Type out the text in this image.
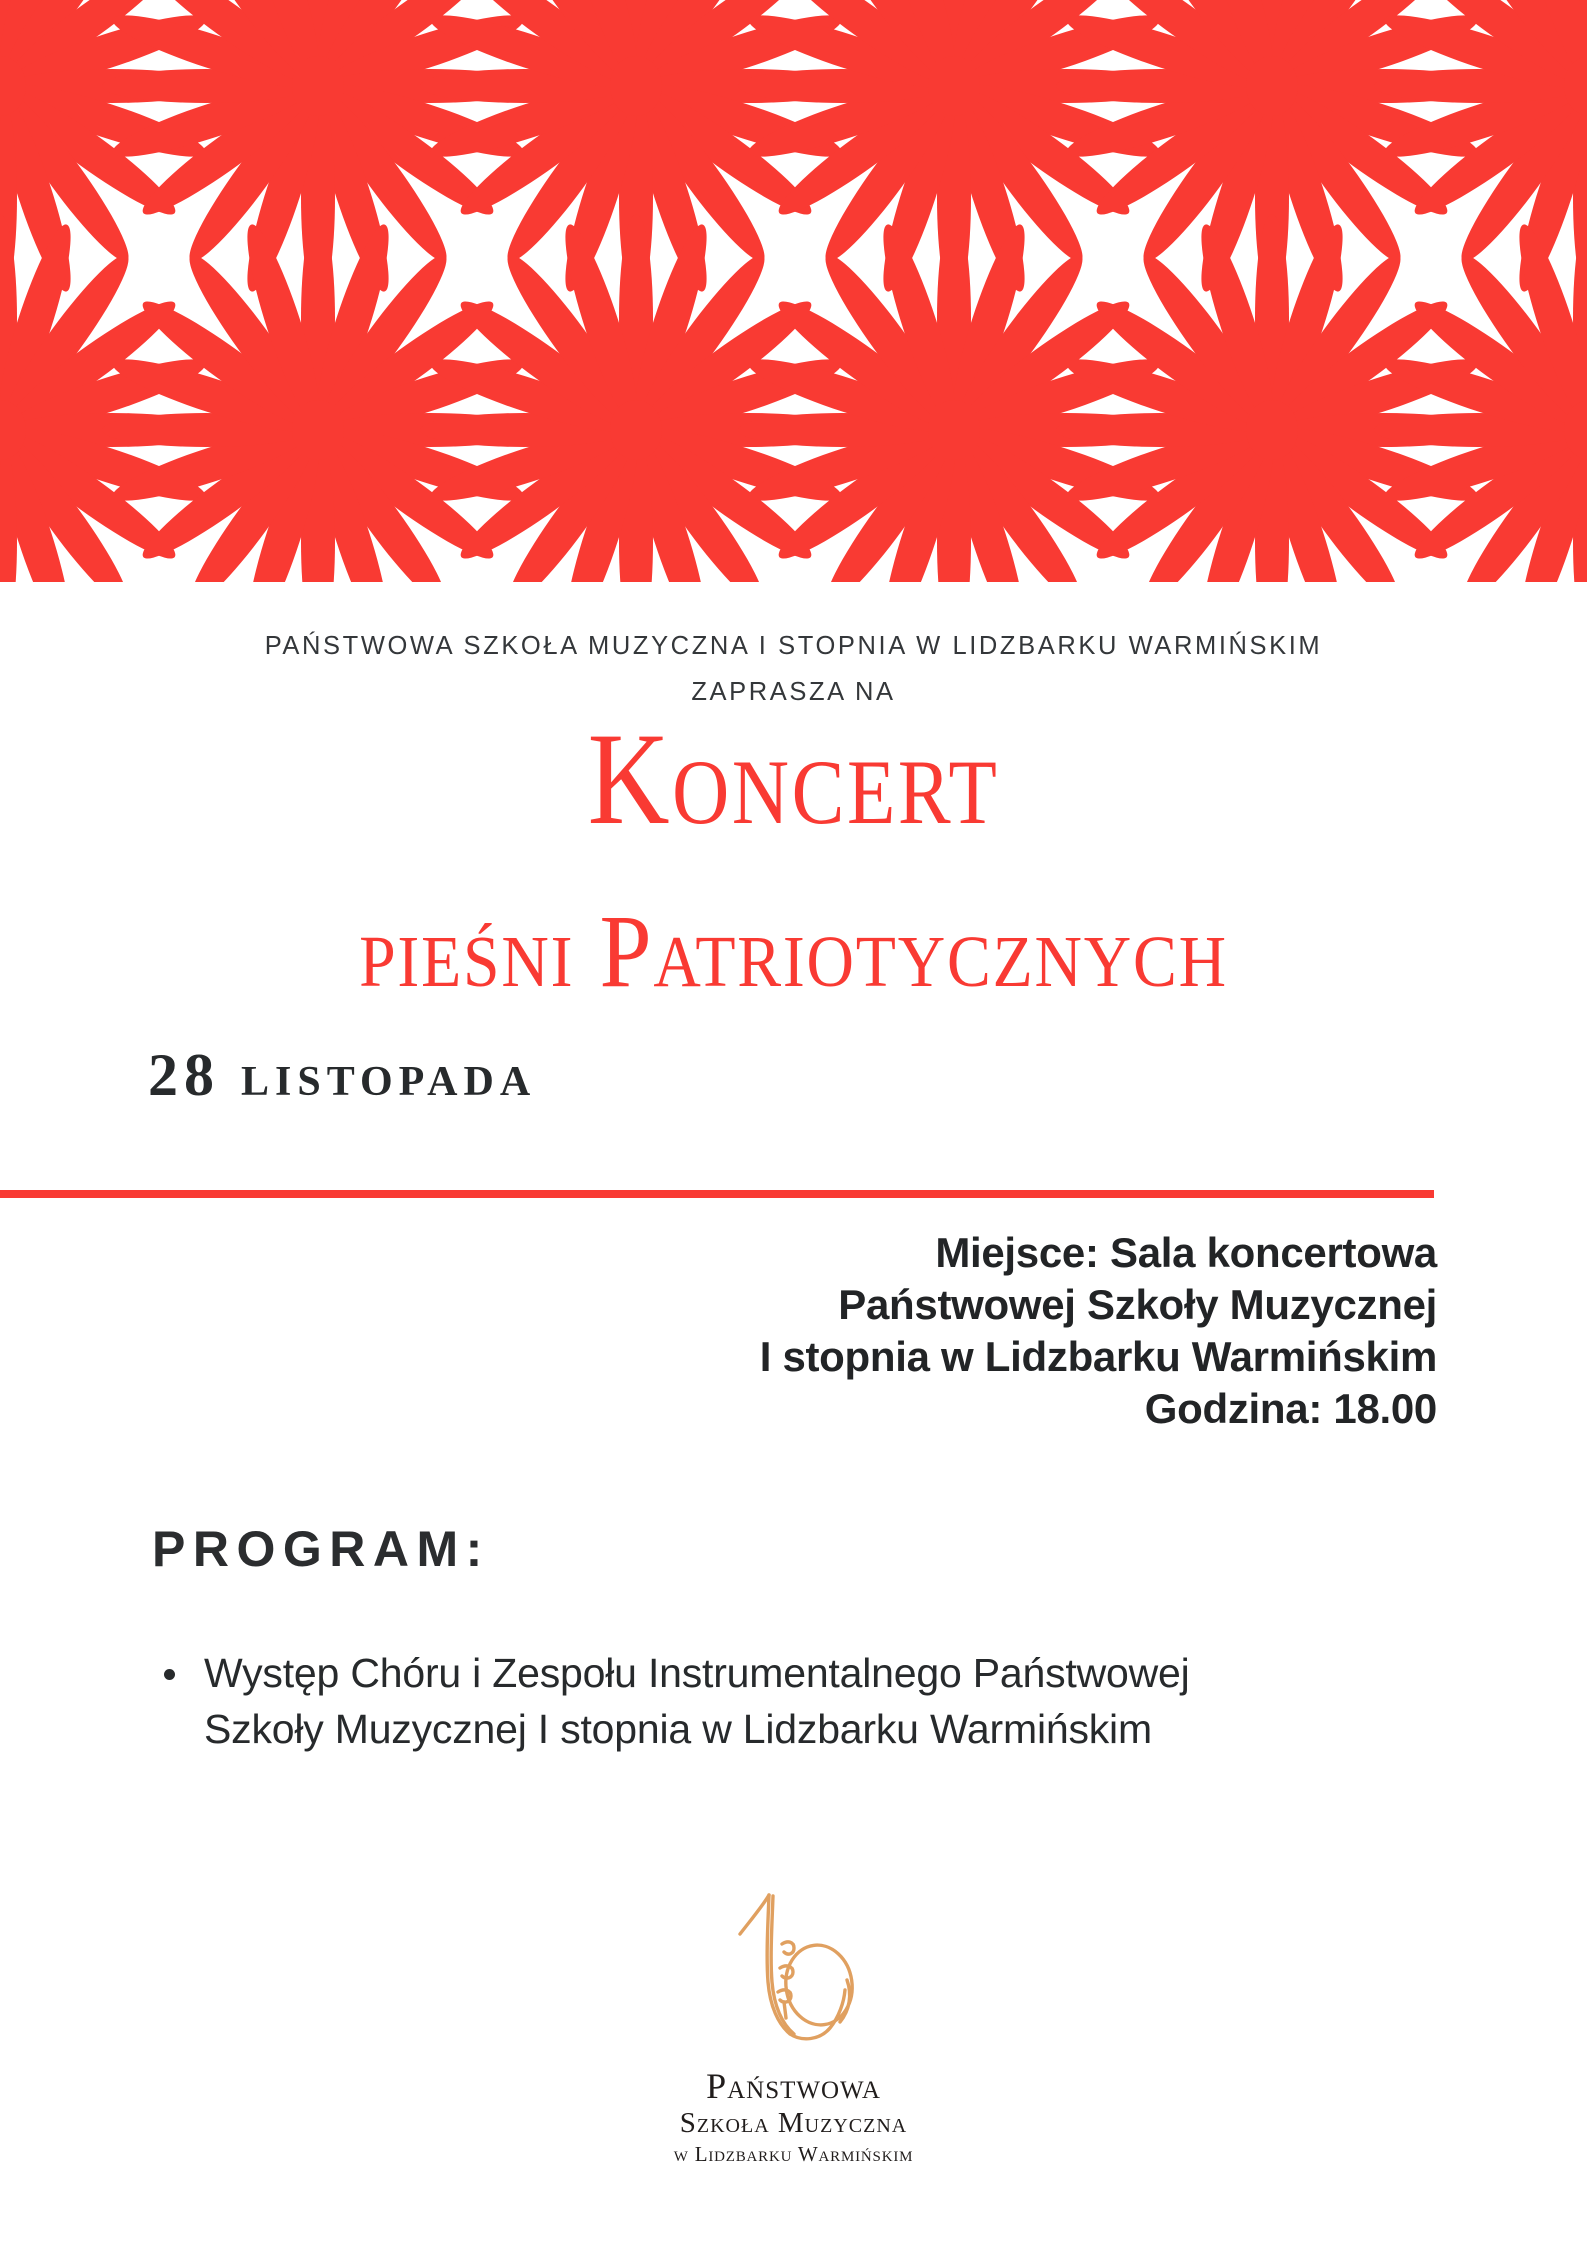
PAŃSTWOWA SZKOŁA MUZYCZNA I STOPNIA W LIDZBARKU WARMIŃSKIM
ZAPRASZA NA
Koncert
pieśni Patriotycznych
28 listopada
Miejsce: Sala koncertowa
Państwowej Szkoły Muzycznej
I stopnia w Lidzbarku Warmińskim
Godzina: 18.00
PROGRAM:
Występ Chóru i Zespołu Instrumentalnego Państwowej Szkoły Muzycznej I stopnia w Lidzbarku Warmińskim
Państwowa
Szkoła Muzyczna
w Lidzbarku Warmińskim
